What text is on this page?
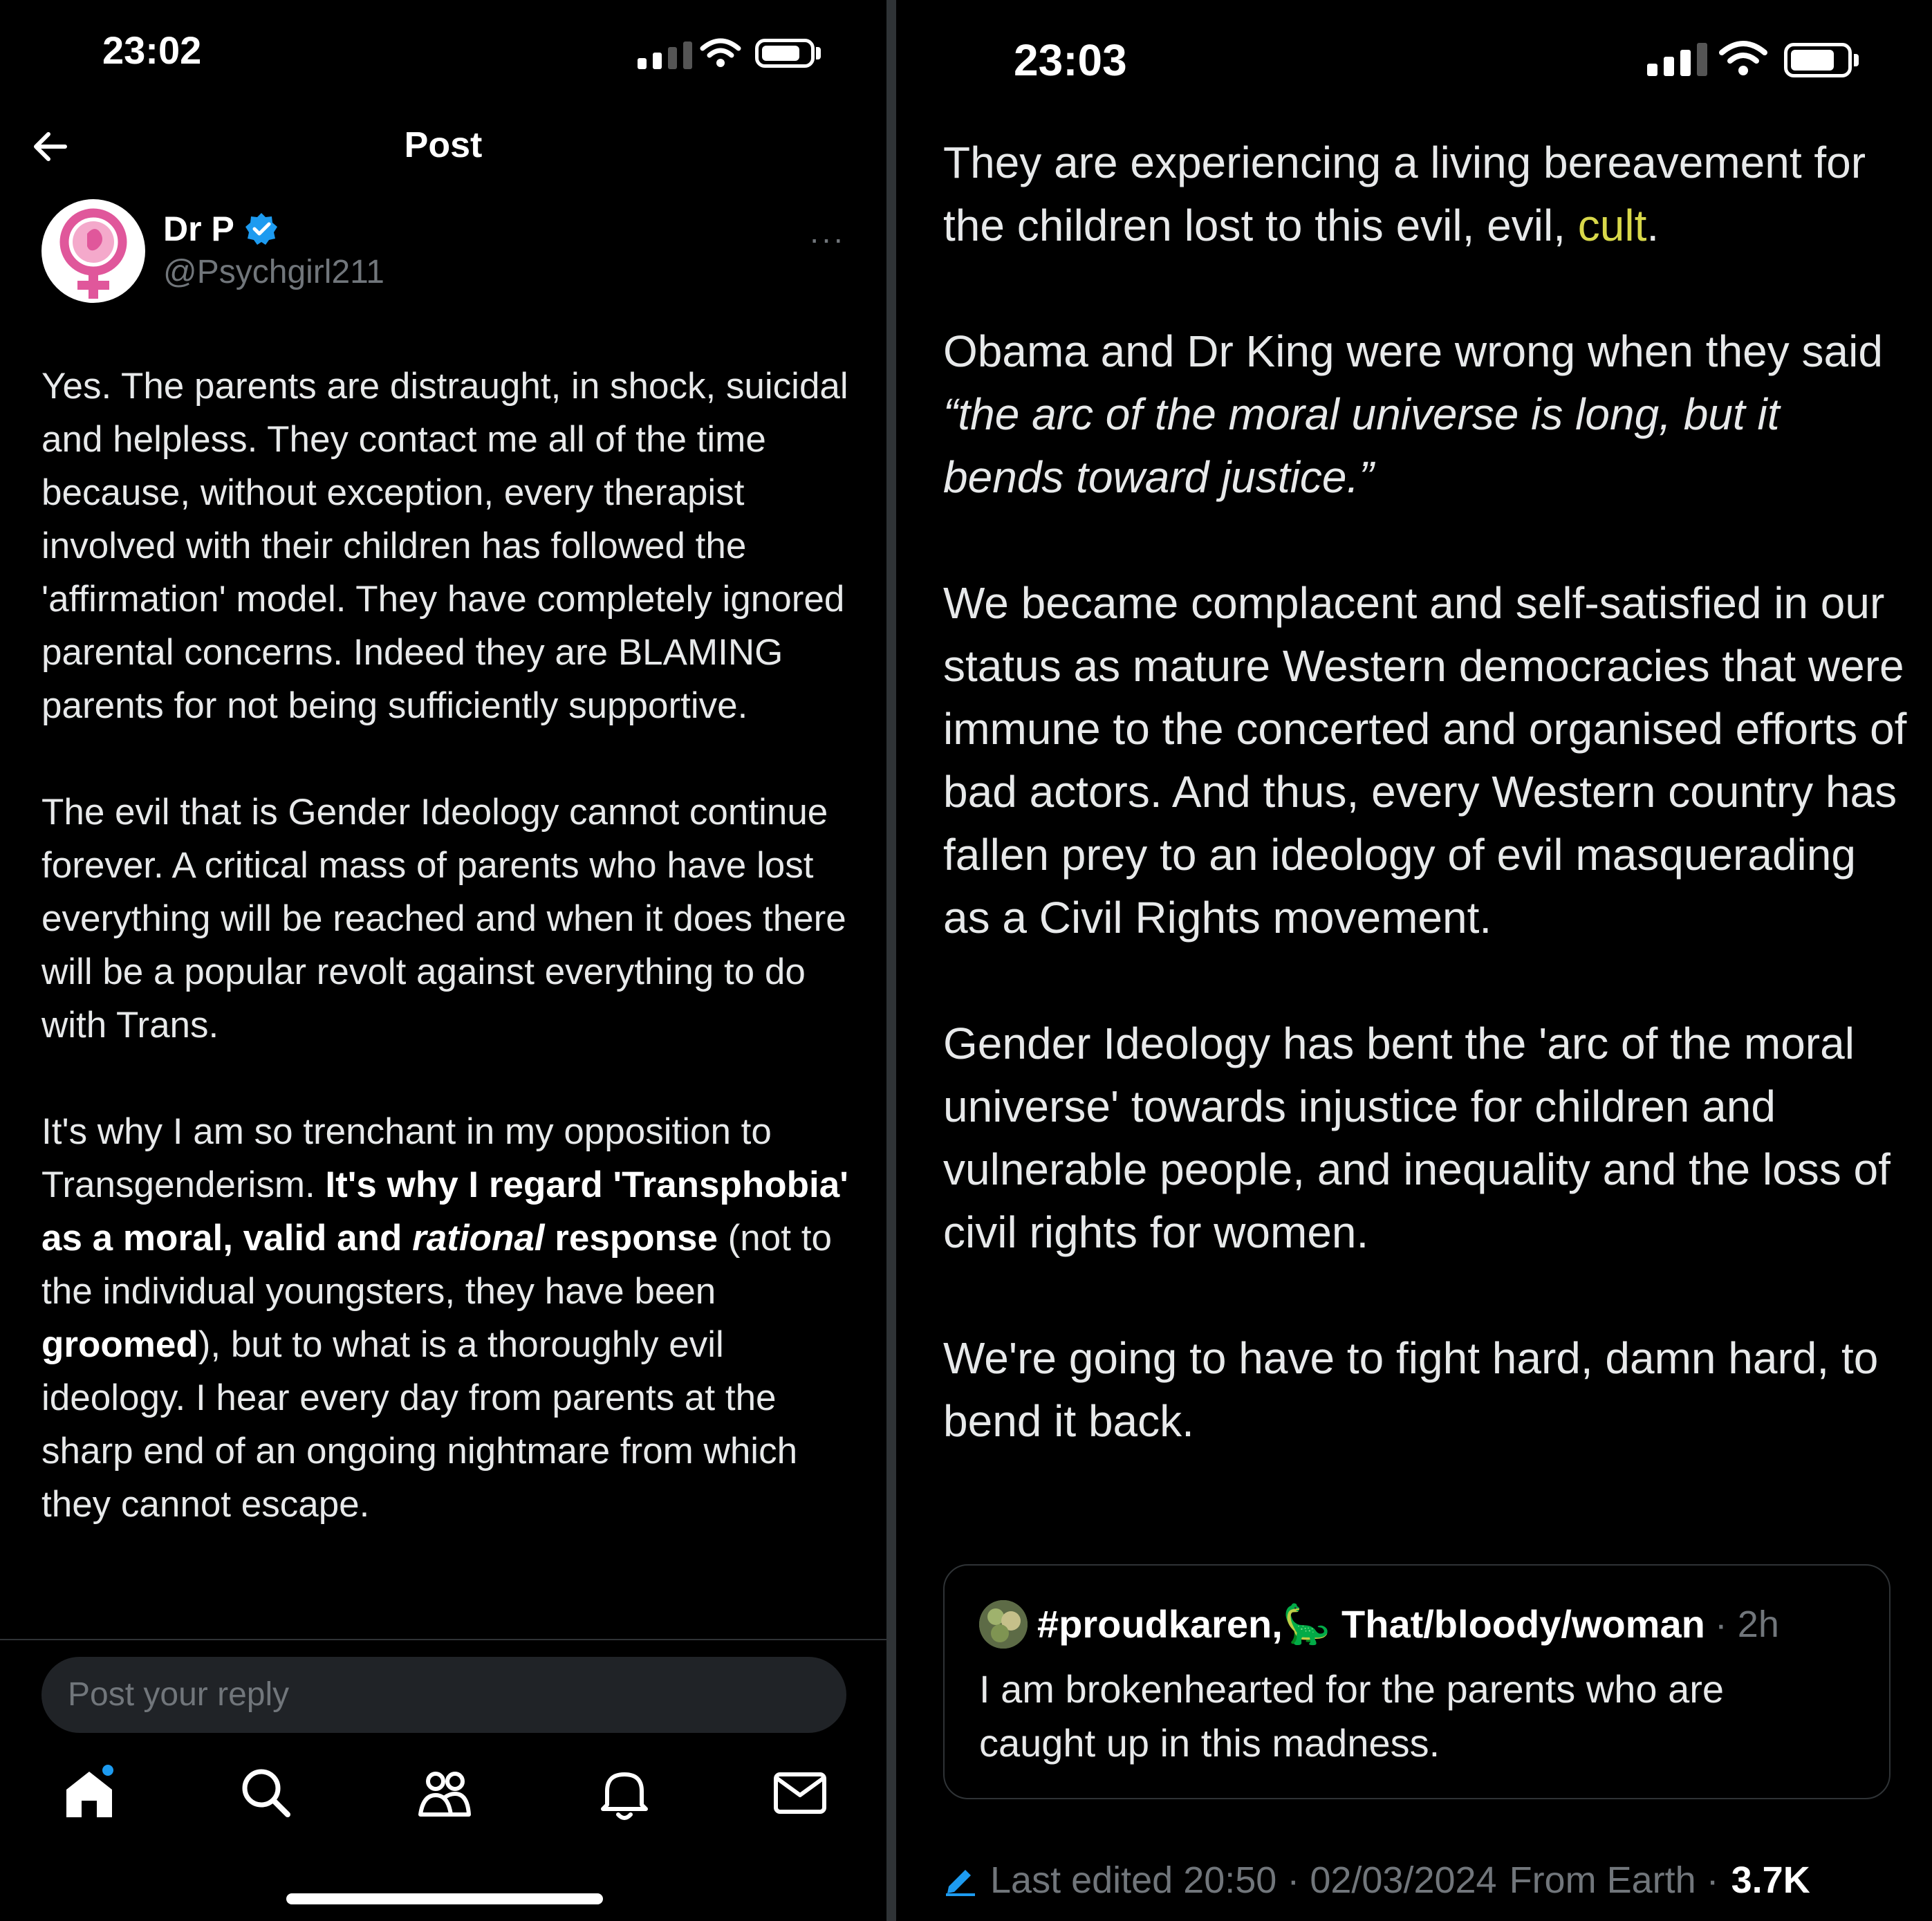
23:02
Post
Dr P
@Psychgirl211
···
Yes. The parents are distraught, in shock, suicidal and helpless. They contact me all of the time because, without exception, every therapist involved with their children has followed the 'affirmation' model. They have completely ignored parental concerns. Indeed they are BLAMING parents for not being sufficiently supportive.
The evil that is Gender Ideology cannot continue forever. A critical mass of parents who have lost everything will be reached and when it does there will be a popular revolt against everything to do with Trans.
It's why I am so trenchant in my opposition to Transgenderism. It's why I regard 'Transphobia' as a moral, valid and rational response (not to the individual youngsters, they have been groomed), but to what is a thoroughly evil ideology. I hear every day from parents at the sharp end of an ongoing nightmare from which they cannot escape.
Post your reply
23:03
They are experiencing a living bereavement for the children lost to this evil, evil, cult.
Obama and Dr King were wrong when they said “the arc of the moral universe is long, but it bends toward justice.”
We became complacent and self-satisfied in our status as mature Western democracies that were immune to the concerted and organised efforts of bad actors. And thus, every Western country has fallen prey to an ideology of evil masquerading as a Civil Rights movement.
Gender Ideology has bent the 'arc of the moral universe' towards injustice for children and vulnerable people, and inequality and the loss of civil rights for women.
We're going to have to fight hard, damn hard, to bend it back.
#proudkaren,🦕 That/bloody/woman · 2h
I am brokenhearted for the parents who are caught up in this madness.
Last edited 20:50 · 02/03/2024 From Earth · 3.7K
